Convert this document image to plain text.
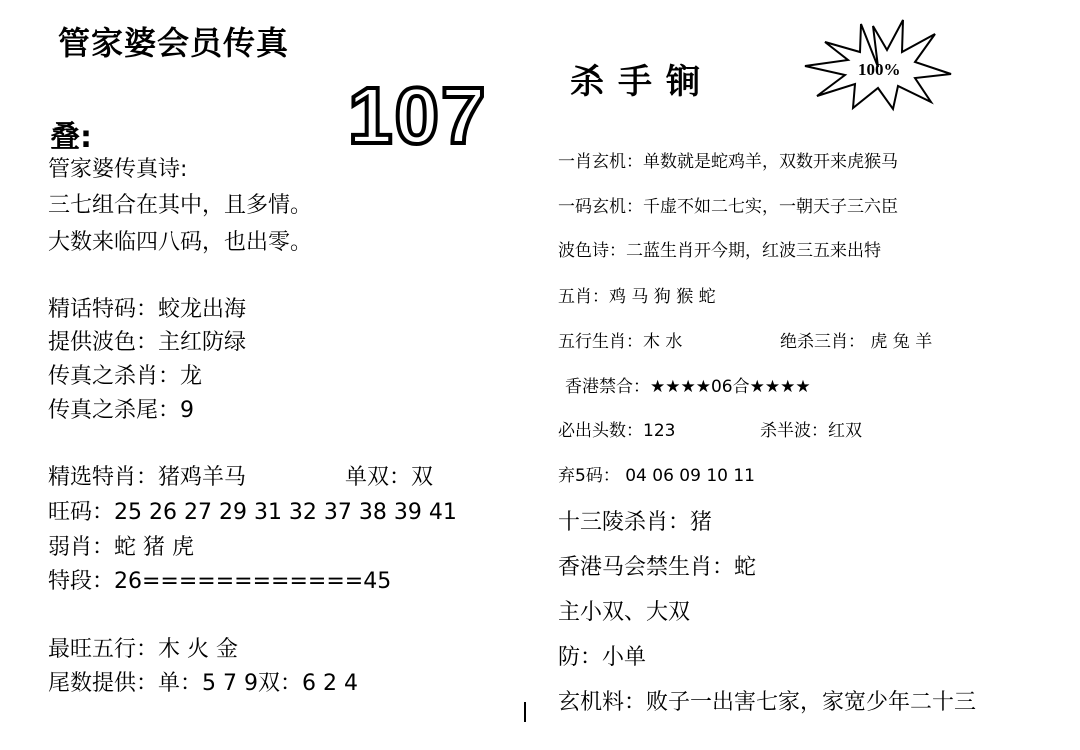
管家婆会员传真
107
叠:
管家婆传真诗:
三七组合在其中，且多情。
大数来临四八码，也出零。
精话特码：蛟龙出海
提供波色：主红防绿
传真之杀肖：龙
传真之杀尾：9
精选特肖：猪鸡羊马	单双：双
旺码：25 26 27 29 31 32 37 38 39 41
弱肖：蛇 猪 虎
特段：26============45
最旺五行：木 火 金
尾数提供：单：5 7 9双：6 2 4
杀手锏	100%
一肖玄机：单数就是蛇鸡羊，双数开来虎猴马
一码玄机：千虚不如二七实，一朝天子三六臣
波色诗：二蓝生肖开今期，红波三五来出特
五肖：鸡 马 狗 猴 蛇
五行生肖：木 水	绝杀三肖： 虎 兔 羊
香港禁合：★★★★06合★★★★
必出头数：123	杀半波：红双
弃5码： 04 06 09 10 11
十三陵杀肖：猪
香港马会禁生肖：蛇
主小双、大双
防：小单
玄机料：败子一出害七家，家宽少年二十三
